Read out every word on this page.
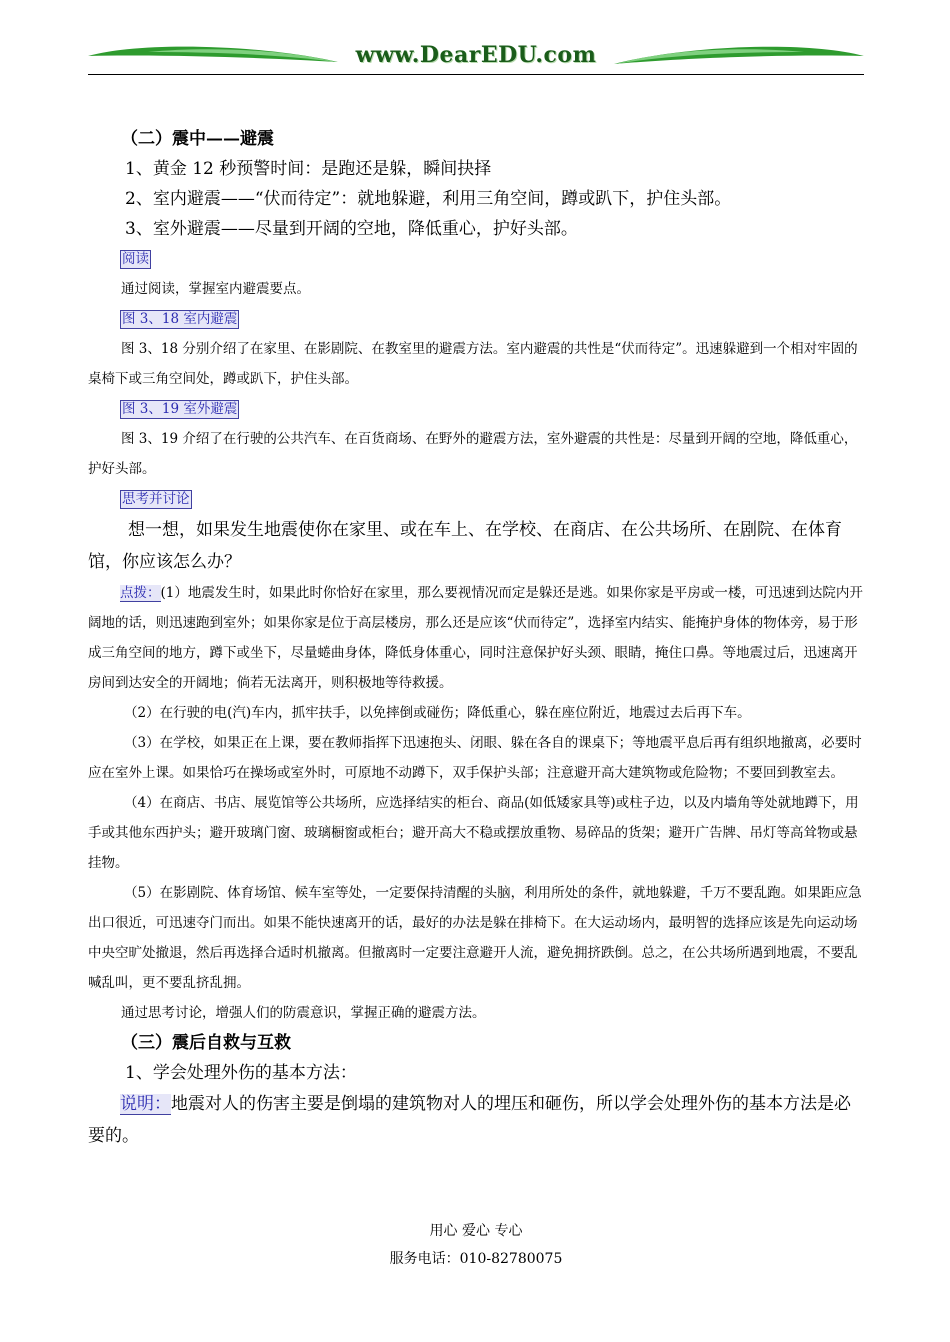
www.DearEDU.com

（二）震中——避震

1、黄金 12 秒预警时间：是跑还是躲，瞬间抉择

2、室内避震——“伏而待定”：就地躲避，利用三角空间，蹲或趴下，护住头部。

3、室外避震——尽量到开阔的空地，降低重心，护好头部。

阅读

通过阅读，掌握室内避震要点。

图 3、18 室内避震

图 3、18 分别介绍了在家里、在影剧院、在教室里的避震方法。室内避震的共性是“伏而待定”。迅速躲避到一个相对牢固的桌椅下或三角空间处，蹲或趴下，护住头部。

图 3、19 室外避震

图 3、19 介绍了在行驶的公共汽车、在百货商场、在野外的避震方法，室外避震的共性是：尽量到开阔的空地，降低重心，护好头部。

思考并讨论

想一想，如果发生地震使你在家里、或在车上、在学校、在商店、在公共场所、在剧院、在体育馆，你应该怎么办？

点拨：(1）地震发生时，如果此时你恰好在家里，那么要视情况而定是躲还是逃。如果你家是平房或一楼，可迅速到达院内开阔地的话，则迅速跑到室外；如果你家是位于高层楼房，那么还是应该“伏而待定”，选择室内结实、能掩护身体的物体旁，易于形成三角空间的地方，蹲下或坐下，尽量蜷曲身体，降低身体重心，同时注意保护好头颈、眼睛，掩住口鼻。等地震过后，迅速离开房间到达安全的开阔地；倘若无法离开，则积极地等待救援。

（2）在行驶的电(汽)车内，抓牢扶手，以免摔倒或碰伤；降低重心，躲在座位附近，地震过去后再下车。

（3）在学校，如果正在上课，要在教师指挥下迅速抱头、闭眼、躲在各自的课桌下；等地震平息后再有组织地撤离，必要时应在室外上课。如果恰巧在操场或室外时，可原地不动蹲下，双手保护头部；注意避开高大建筑物或危险物；不要回到教室去。

（4）在商店、书店、展览馆等公共场所，应选择结实的柜台、商品(如低矮家具等)或柱子边，以及内墙角等处就地蹲下，用手或其他东西护头；避开玻璃门窗、玻璃橱窗或柜台；避开高大不稳或摆放重物、易碎品的货架；避开广告牌、吊灯等高耸物或悬挂物。

（5）在影剧院、体育场馆、候车室等处，一定要保持清醒的头脑，利用所处的条件，就地躲避，千万不要乱跑。如果距应急出口很近，可迅速夺门而出。如果不能快速离开的话，最好的办法是躲在排椅下。在大运动场内，最明智的选择应该是先向运动场中央空旷处撤退，然后再选择合适时机撤离。但撤离时一定要注意避开人流，避免拥挤跌倒。总之，在公共场所遇到地震，不要乱喊乱叫，更不要乱挤乱拥。

通过思考讨论，增强人们的防震意识，掌握正确的避震方法。

（三）震后自救与互救

1、学会处理外伤的基本方法：

说明：地震对人的伤害主要是倒塌的建筑物对人的埋压和砸伤，所以学会处理外伤的基本方法是必要的。

用心 爱心 专心
服务电话：010-82780075
